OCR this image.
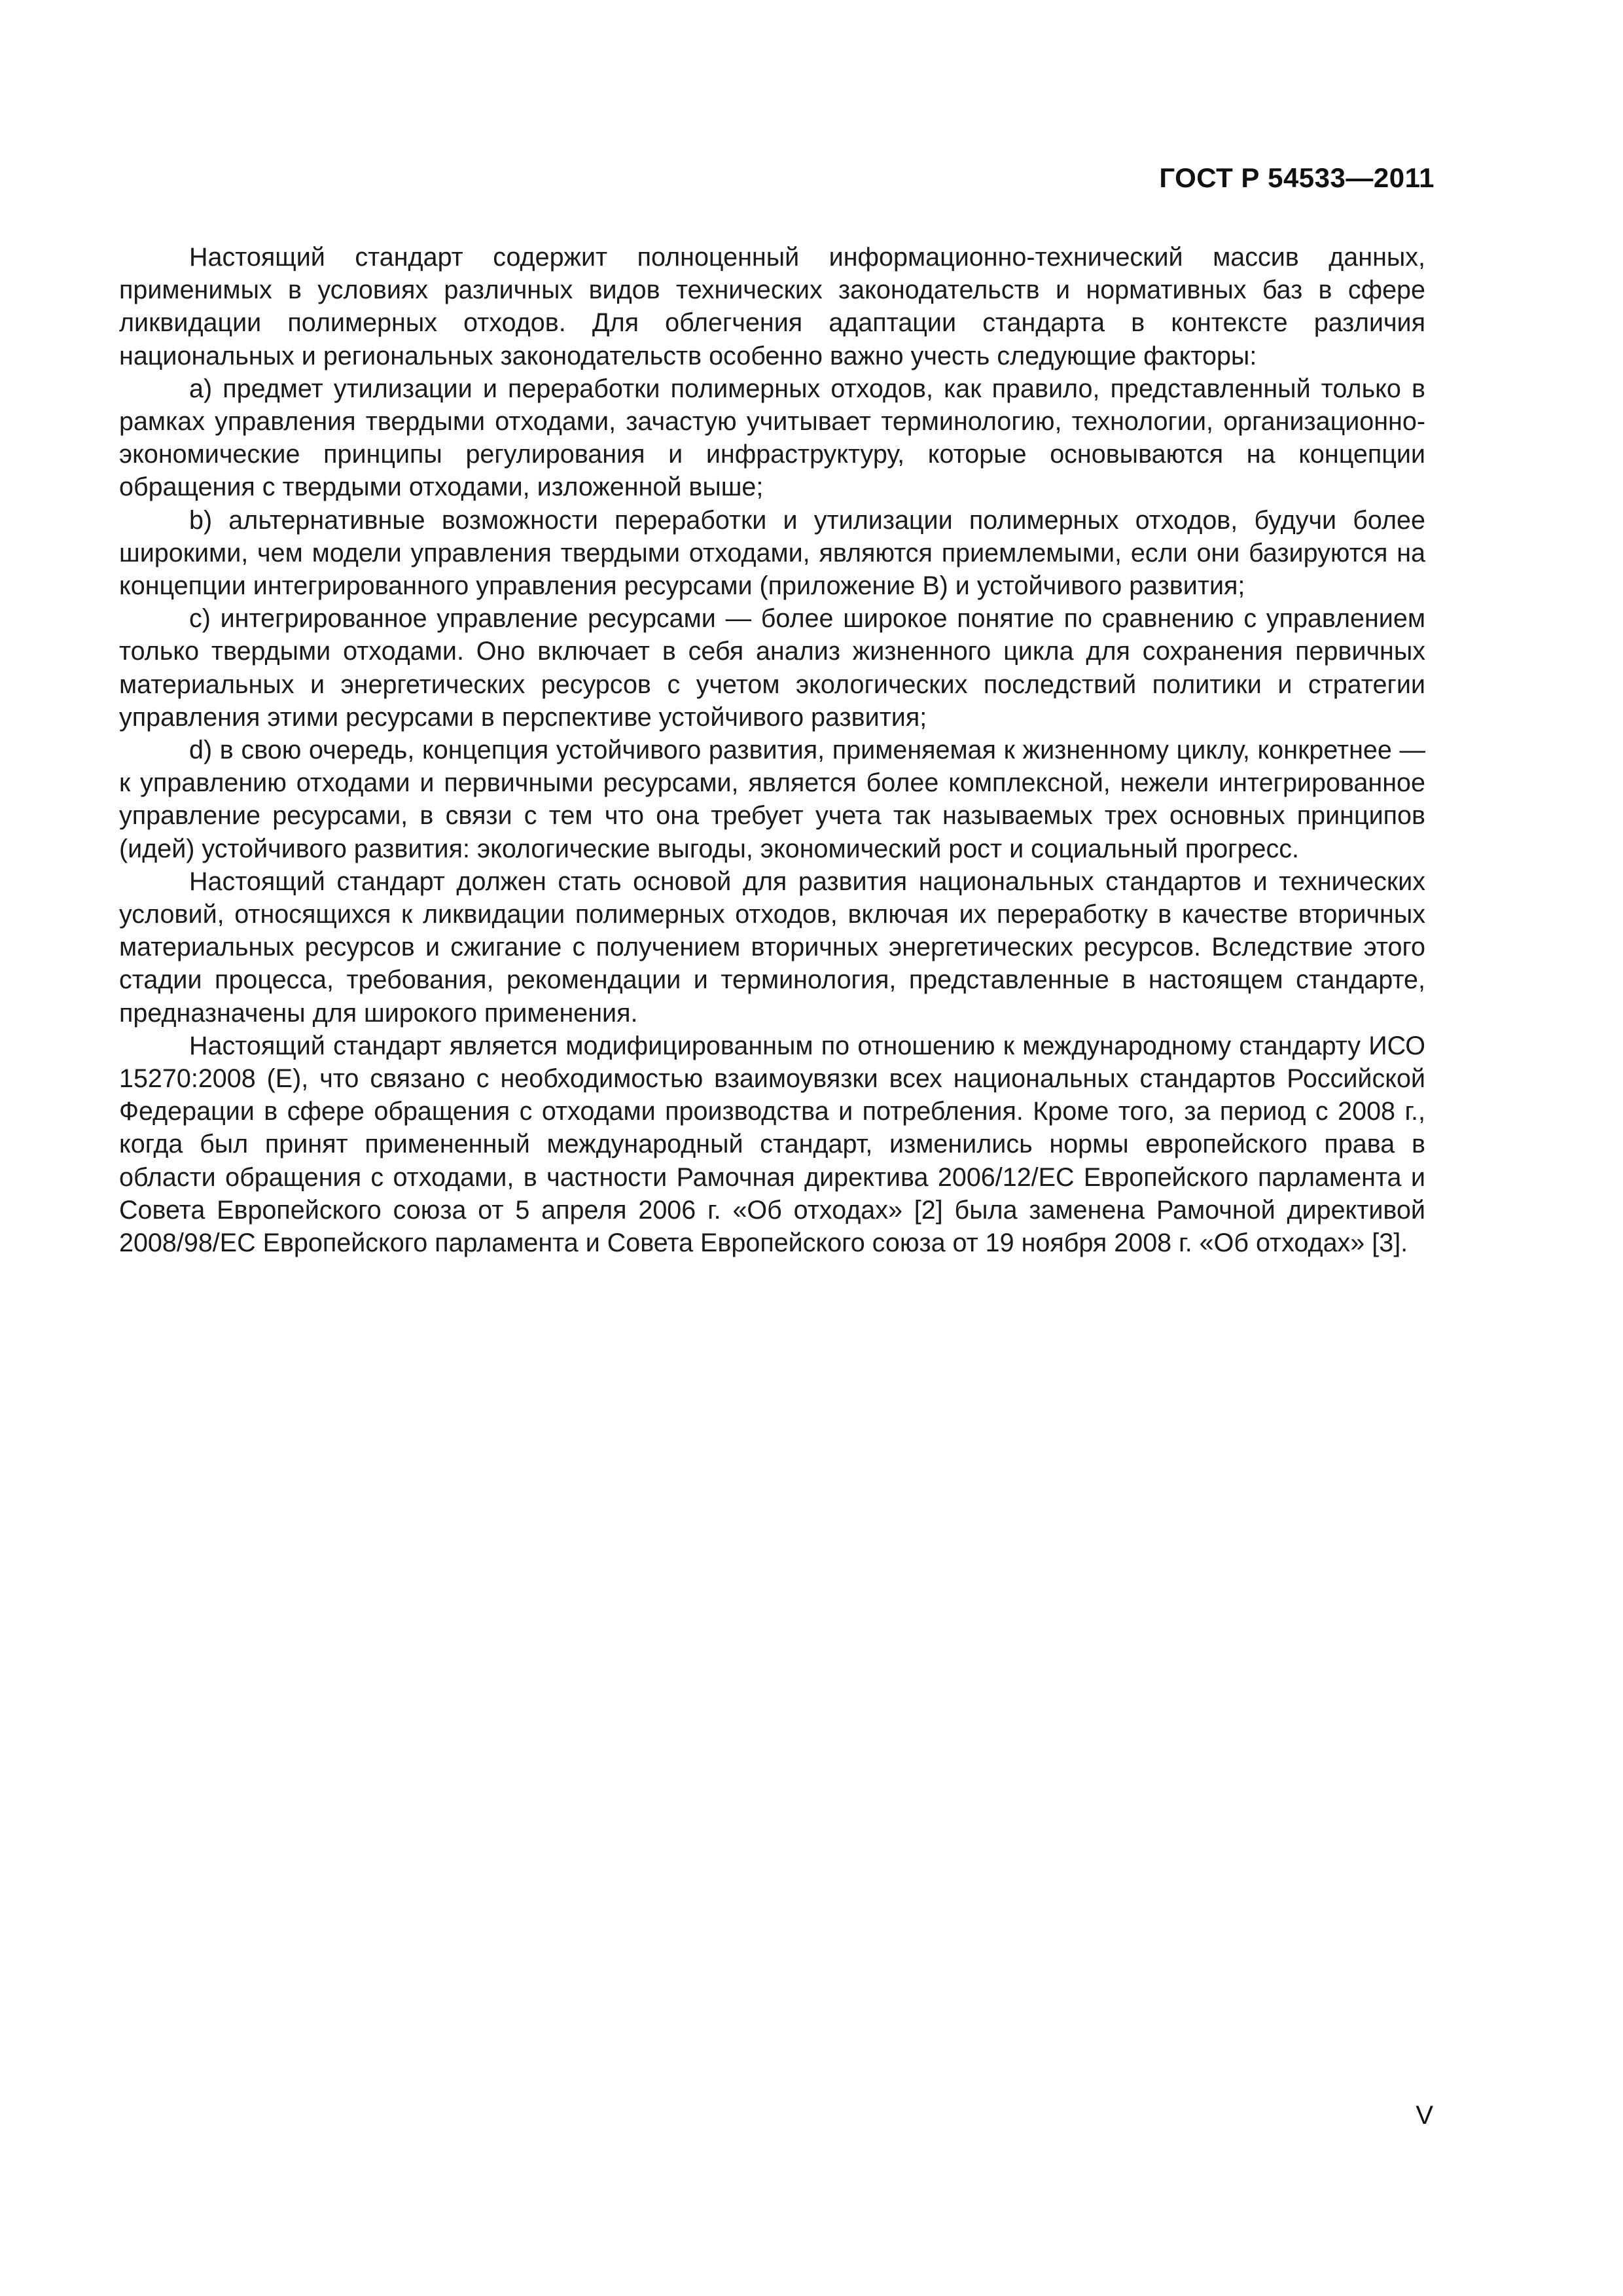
ГОСТ Р 54533—2011

Настоящий стандарт содержит полноценный информационно-технический массив данных, применимых в условиях различных видов технических законодательств и нормативных баз в сфере ликвидации полимерных отходов. Для облегчения адаптации стандарта в контексте различия национальных и региональных законодательств особенно важно учесть следующие факторы:

a) предмет утилизации и переработки полимерных отходов, как правило, представленный только в рамках управления твердыми отходами, зачастую учитывает терминологию, технологии, организационно-экономические принципы регулирования и инфраструктуру, которые основываются на концепции обращения с твердыми отходами, изложенной выше;

b) альтернативные возможности переработки и утилизации полимерных отходов, будучи более широкими, чем модели управления твердыми отходами, являются приемлемыми, если они базируются на концепции интегрированного управления ресурсами (приложение В) и устойчивого развития;

c) интегрированное управление ресурсами — более широкое понятие по сравнению с управлением только твердыми отходами. Оно включает в себя анализ жизненного цикла для сохранения первичных материальных и энергетических ресурсов с учетом экологических последствий политики и стратегии управления этими ресурсами в перспективе устойчивого развития;

d) в свою очередь, концепция устойчивого развития, применяемая к жизненному циклу, конкретнее — к управлению отходами и первичными ресурсами, является более комплексной, нежели интегрированное управление ресурсами, в связи с тем что она требует учета так называемых трех основных принципов (идей) устойчивого развития: экологические выгоды, экономический рост и социальный прогресс.

Настоящий стандарт должен стать основой для развития национальных стандартов и технических условий, относящихся к ликвидации полимерных отходов, включая их переработку в качестве вторичных материальных ресурсов и сжигание с получением вторичных энергетических ресурсов. Вследствие этого стадии процесса, требования, рекомендации и терминология, представленные в настоящем стандарте, предназначены для широкого применения.

Настоящий стандарт является модифицированным по отношению к международному стандарту ИСО 15270:2008 (E), что связано с необходимостью взаимоувязки всех национальных стандартов Российской Федерации в сфере обращения с отходами производства и потребления. Кроме того, за период с 2008 г., когда был принят примененный международный стандарт, изменились нормы европейского права в области обращения с отходами, в частности Рамочная директива 2006/12/ЕС Европейского парламента и Совета Европейского союза от 5 апреля 2006 г. «Об отходах» [2] была заменена Рамочной директивой 2008/98/ЕС Европейского парламента и Совета Европейского союза от 19 ноября 2008 г. «Об отходах» [3].

V
